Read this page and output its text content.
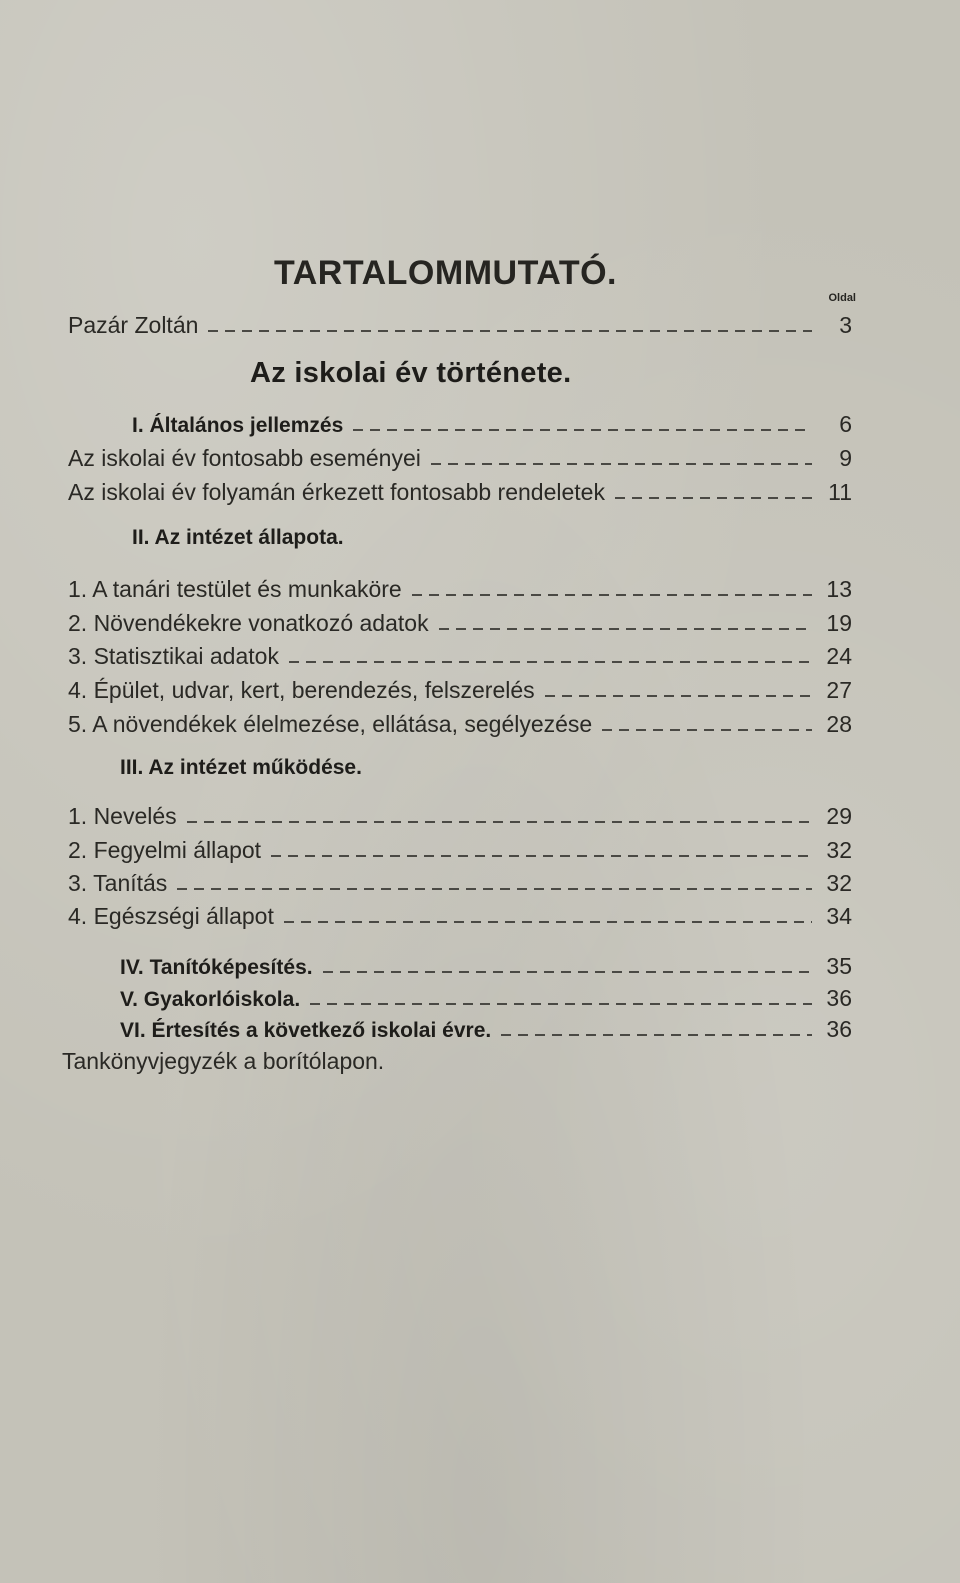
TARTALOMMUTATÓ.
Oldal
Pazár Zoltán	3
Az iskolai év története.
I. Általános jellemzés	6
Az iskolai év fontosabb eseményei	9
Az iskolai év folyamán érkezett fontosabb rendeletek	11
II. Az intézet állapota.
1. A tanári testület és munkaköre	13
2. Növendékekre vonatkozó adatok	19
3. Statisztikai adatok	24
4. Épület, udvar, kert, berendezés, felszerelés	27
5. A növendékek élelmezése, ellátása, segélyezése	28
III. Az intézet működése.
1. Nevelés	29
2. Fegyelmi állapot	32
3. Tanítás	32
4. Egészségi állapot	34
IV. Tanítóképesítés.	35
V. Gyakorlóiskola.	36
VI. Értesítés a következő iskolai évre.	36
Tankönyvjegyzék a borítólapon.
